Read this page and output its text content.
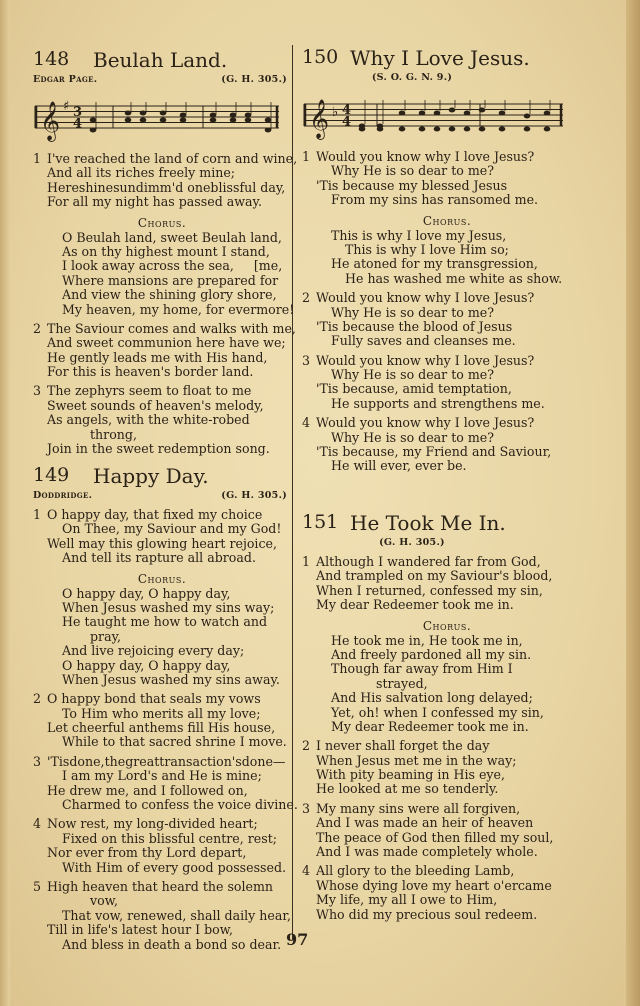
148 Beulah Land.
Edgar Page.	(G. H. 305.)
𝄞 ♯ 3
4
1 I've reached the land of corn and wine,
And all its riches freely mine;
Hereshinesundimm'd oneblissful day,
For all my night has passed away.
Chorus.
O Beulah land, sweet Beulah land,
As on thy highest mount I stand,
I look away across the sea,     [me,
Where mansions are prepared for
And view the shining glory shore,
My heaven, my home, for evermore!
2 The Saviour comes and walks with me,
And sweet communion here have we;
He gently leads me with His hand,
For this is heaven's border land.
3 The zephyrs seem to float to me
Sweet sounds of heaven's melody,
As angels, with the white-robed
throng,
Join in the sweet redemption song.
149 Happy Day.
Doddridge.	(G. H. 305.)
1 O happy day, that fixed my choice
On Thee, my Saviour and my God!
Well may this glowing heart rejoice,
And tell its rapture all abroad.
Chorus.
O happy day, O happy day,
When Jesus washed my sins way;
He taught me how to watch and
pray,
And live rejoicing every day;
O happy day, O happy day,
When Jesus washed my sins away.
2 O happy bond that seals my vows
To Him who merits all my love;
Let cheerful anthems fill His house,
While to that sacred shrine I move.
3 'Tisdone,thegreattransaction'sdone—
I am my Lord's and He is mine;
He drew me, and I followed on,
Charmed to confess the voice divine.
4 Now rest, my long-divided heart;
Fixed on this blissful centre, rest;
Nor ever from thy Lord depart,
With Him of every good possessed.
5 High heaven that heard the solemn
vow,
That vow, renewed, shall daily hear,
Till in life's latest hour I bow,
And bless in death a bond so dear.
150 Why I Love Jesus.
(S. O. G. N. 9.)
𝄞 ♭ 4
4
1 Would you know why I love Jesus?
Why He is so dear to me?
'Tis because my blessed Jesus
From my sins has ransomed me.
Chorus.
This is why I love my Jesus,
This is why I love Him so;
He atoned for my transgression,
He has washed me white as show.
2 Would you know why I love Jesus?
Why He is so dear to me?
'Tis because the blood of Jesus
Fully saves and cleanses me.
3 Would you know why I love Jesus?
Why He is so dear to me?
'Tis because, amid temptation,
He supports and strengthens me.
4 Would you know why I love Jesus?
Why He is so dear to me?
'Tis because, my Friend and Saviour,
He will ever, ever be.
151 He Took Me In.
(G. H. 305.)
1 Although I wandered far from God,
And trampled on my Saviour's blood,
When I returned, confessed my sin,
My dear Redeemer took me in.
Chorus.
He took me in, He took me in,
And freely pardoned all my sin.
Though far away from Him I
strayed,
And His salvation long delayed;
Yet, oh! when I confessed my sin,
My dear Redeemer took me in.
2 I never shall forget the day
When Jesus met me in the way;
With pity beaming in His eye,
He looked at me so tenderly.
3 My many sins were all forgiven,
And I was made an heir of heaven
The peace of God then filled my soul,
And I was made completely whole.
4 All glory to the bleeding Lamb,
Whose dying love my heart o'ercame
My life, my all I owe to Him,
Who did my precious soul redeem.
97
